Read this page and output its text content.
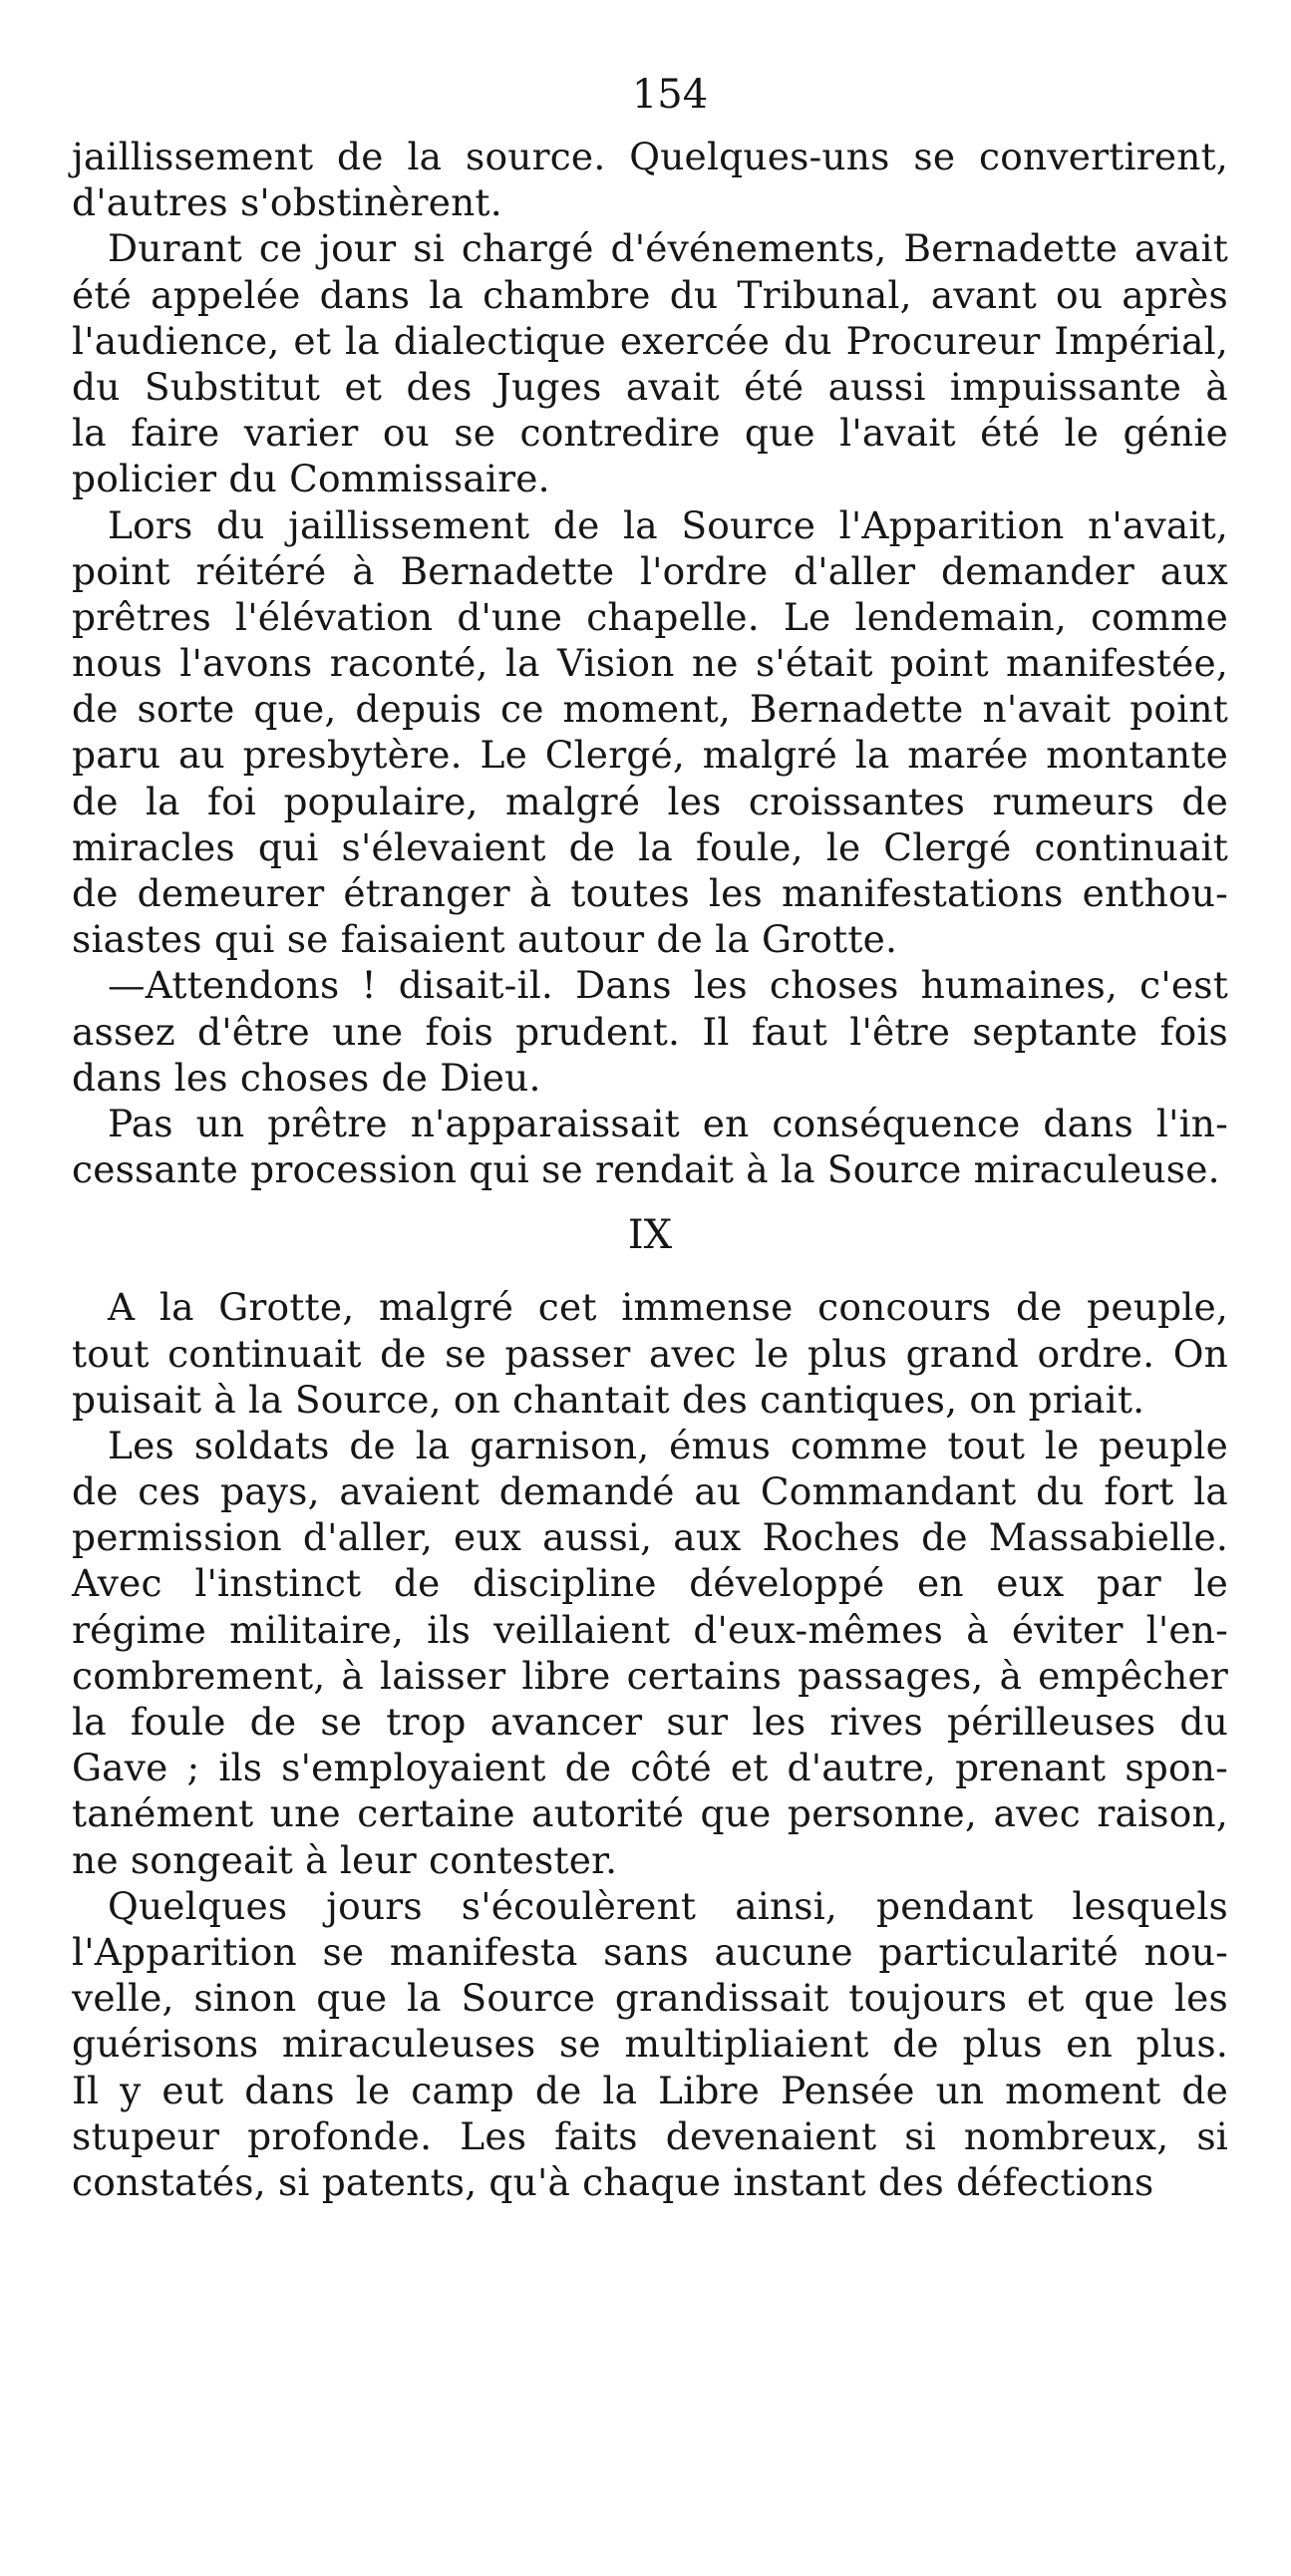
154
jaillissement de la source. Quelques-uns se convertirent,
d'autres s'obstinèrent.
Durant ce jour si chargé d'événements, Bernadette avait
été appelée dans la chambre du Tribunal, avant ou après
l'audience, et la dialectique exercée du Procureur Impérial,
du Substitut et des Juges avait été aussi impuissante à
la faire varier ou se contredire que l'avait été le génie
policier du Commissaire.
Lors du jaillissement de la Source l'Apparition n'avait,
point réitéré à Bernadette l'ordre d'aller demander aux
prêtres l'élévation d'une chapelle. Le lendemain, comme
nous l'avons raconté, la Vision ne s'était point manifestée,
de sorte que, depuis ce moment, Bernadette n'avait point
paru au presbytère. Le Clergé, malgré la marée montante
de la foi populaire, malgré les croissantes rumeurs de
miracles qui s'élevaient de la foule, le Clergé continuait
de demeurer étranger à toutes les manifestations enthou-
siastes qui se faisaient autour de la Grotte.
—Attendons ! disait-il. Dans les choses humaines, c'est
assez d'être une fois prudent. Il faut l'être septante fois
dans les choses de Dieu.
Pas un prêtre n'apparaissait en conséquence dans l'in-
cessante procession qui se rendait à la Source miraculeuse.
IX
A la Grotte, malgré cet immense concours de peuple,
tout continuait de se passer avec le plus grand ordre. On
puisait à la Source, on chantait des cantiques, on priait.
Les soldats de la garnison, émus comme tout le peuple
de ces pays, avaient demandé au Commandant du fort la
permission d'aller, eux aussi, aux Roches de Massabielle.
Avec l'instinct de discipline développé en eux par le
régime militaire, ils veillaient d'eux-mêmes à éviter l'en-
combrement, à laisser libre certains passages, à empêcher
la foule de se trop avancer sur les rives périlleuses du
Gave ; ils s'employaient de côté et d'autre, prenant spon-
tanément une certaine autorité que personne, avec raison,
ne songeait à leur contester.
Quelques jours s'écoulèrent ainsi, pendant lesquels
l'Apparition se manifesta sans aucune particularité nou-
velle, sinon que la Source grandissait toujours et que les
guérisons miraculeuses se multipliaient de plus en plus.
Il y eut dans le camp de la Libre Pensée un moment de
stupeur profonde. Les faits devenaient si nombreux, si
constatés, si patents, qu'à chaque instant des défections
